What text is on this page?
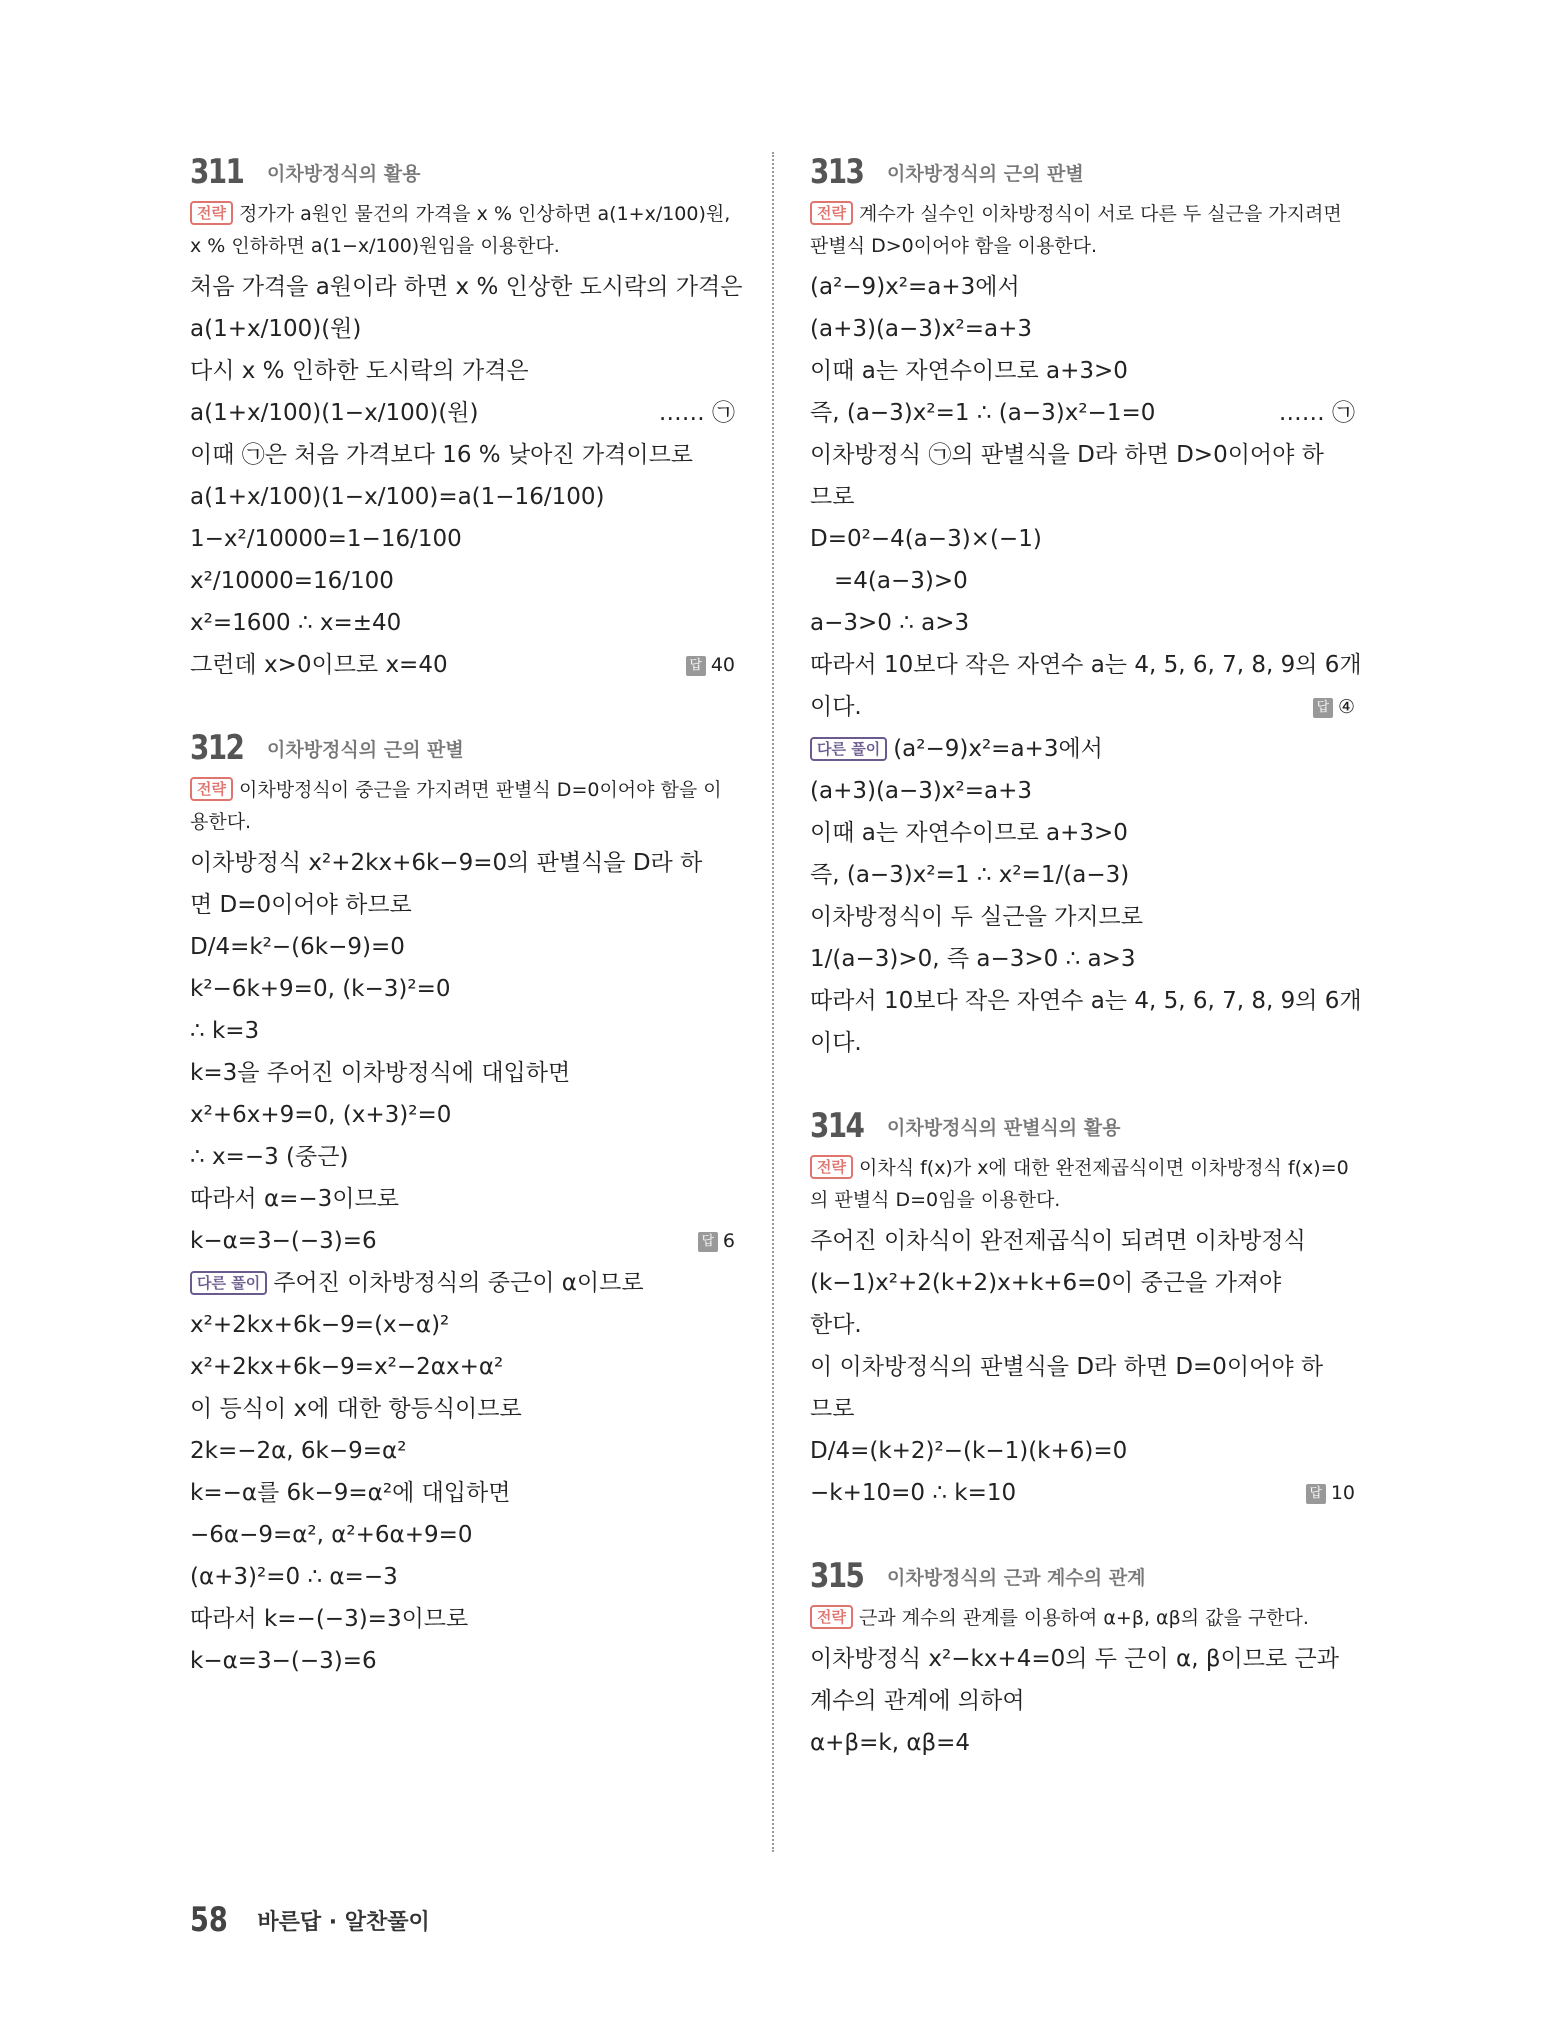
311 이차방정식의 활용
전략 정가가 a원인 물건의 가격을 x % 인상하면 a(1+x/100)원, x % 인하하면 a(1−x/100)원임을 이용한다.
처음 가격을 a원이라 하면 x % 인상한 도시락의 가격은
a(1+x/100)(원)
다시 x % 인하한 도시락의 가격은
a(1+x/100)(1−x/100)(원)	…… ㉠
이때 ㉠은 처음 가격보다 16 % 낮아진 가격이므로
a(1+x/100)(1−x/100)=a(1−16/100)
1−x²/10000=1−16/100
x²/10000=16/100
x²=1600 ∴ x=±40
그런데 x>0이므로 x=40	답 40
312 이차방정식의 근의 판별
전략 이차방정식이 중근을 가지려면 판별식 D=0이어야 함을 이용한다.
이차방정식 x²+2kx+6k−9=0의 판별식을 D라 하
면 D=0이어야 하므로
D/4=k²−(6k−9)=0
k²−6k+9=0, (k−3)²=0
∴ k=3
k=3을 주어진 이차방정식에 대입하면
x²+6x+9=0, (x+3)²=0
∴ x=−3 (중근)
따라서 α=−3이므로
k−α=3−(−3)=6	답 6
다른 풀이 주어진 이차방정식의 중근이 α이므로
x²+2kx+6k−9=(x−α)²
x²+2kx+6k−9=x²−2αx+α²
이 등식이 x에 대한 항등식이므로
2k=−2α, 6k−9=α²
k=−α를 6k−9=α²에 대입하면
−6α−9=α², α²+6α+9=0
(α+3)²=0 ∴ α=−3
따라서 k=−(−3)=3이므로
k−α=3−(−3)=6
313 이차방정식의 근의 판별
전략 계수가 실수인 이차방정식이 서로 다른 두 실근을 가지려면 판별식 D>0이어야 함을 이용한다.
(a²−9)x²=a+3에서
(a+3)(a−3)x²=a+3
이때 a는 자연수이므로 a+3>0
즉, (a−3)x²=1 ∴ (a−3)x²−1=0	…… ㉠
이차방정식 ㉠의 판별식을 D라 하면 D>0이어야 하
므로
D=0²−4(a−3)×(−1)
=4(a−3)>0
a−3>0 ∴ a>3
따라서 10보다 작은 자연수 a는 4, 5, 6, 7, 8, 9의 6개
이다.	답 ④
다른 풀이 (a²−9)x²=a+3에서
(a+3)(a−3)x²=a+3
이때 a는 자연수이므로 a+3>0
즉, (a−3)x²=1 ∴ x²=1/(a−3)
이차방정식이 두 실근을 가지므로
1/(a−3)>0, 즉 a−3>0 ∴ a>3
따라서 10보다 작은 자연수 a는 4, 5, 6, 7, 8, 9의 6개
이다.
314 이차방정식의 판별식의 활용
전략 이차식 f(x)가 x에 대한 완전제곱식이면 이차방정식 f(x)=0의 판별식 D=0임을 이용한다.
주어진 이차식이 완전제곱식이 되려면 이차방정식
(k−1)x²+2(k+2)x+k+6=0이 중근을 가져야
한다.
이 이차방정식의 판별식을 D라 하면 D=0이어야 하
므로
D/4=(k+2)²−(k−1)(k+6)=0
−k+10=0 ∴ k=10	답 10
315 이차방정식의 근과 계수의 관계
전략 근과 계수의 관계를 이용하여 α+β, αβ의 값을 구한다.
이차방정식 x²−kx+4=0의 두 근이 α, β이므로 근과
계수의 관계에 의하여
α+β=k, αβ=4
58 바른답 · 알찬풀이
